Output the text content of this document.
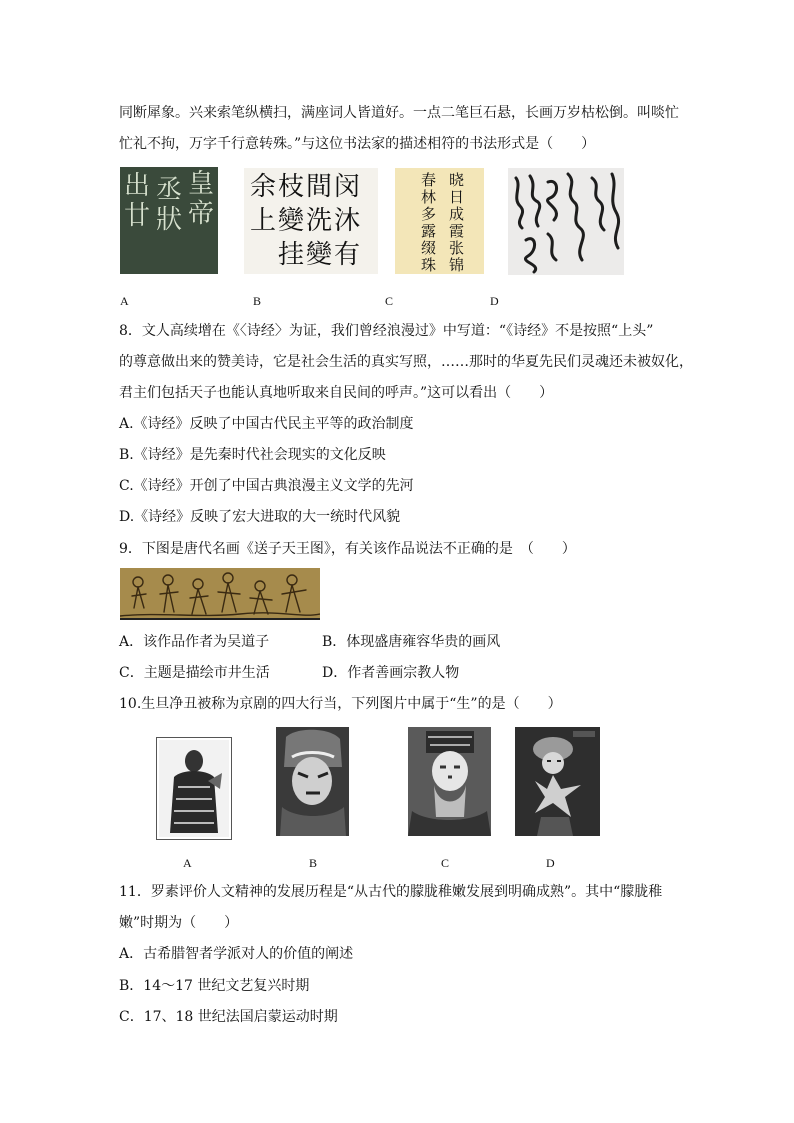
同断犀象。兴来索笔纵横扫，满座词人皆道好。一点二笔巨石悬，长画万岁枯松倒。叫啖忙
忙礼不拘，万字千行意转殊。”与这位书法家的描述相符的书法形式是（　　）
皇帝
丞狀
出廿
余枝間闵
上變洗沐
挂變有
晓日成霞张锦
春林多露缀珠
A	B	C	D
8．文人高续增在《〈诗经〉为证，我们曾经浪漫过》中写道：“《诗经》不是按照“上头”
的尊意做出来的赞美诗，它是社会生活的真实写照，……那时的华夏先民们灵魂还未被奴化，
君主们包括天子也能认真地听取来自民间的呼声。”这可以看出（　　）
A.《诗经》反映了中国古代民主平等的政治制度
B.《诗经》是先秦时代社会现实的文化反映
C.《诗经》开创了中国古典浪漫主义文学的先河
D.《诗经》反映了宏大进取的大一统时代风貌
9．下图是唐代名画《送子天王图》，有关该作品说法不正确的是　（　　）
A．该作品作者为吴道子	B．体现盛唐雍容华贵的画风
C．主题是描绘市井生活	D．作者善画宗教人物
10.生旦净丑被称为京剧的四大行当，下列图片中属于“生”的是（　　）
A	B	C	D
11．罗素评价人文精神的发展历程是“从古代的朦胧稚嫩发展到明确成熟”。其中“朦胧稚
嫩”时期为（　　）
A．古希腊智者学派对人的价值的阐述
B．14～17 世纪文艺复兴时期
C．17、18 世纪法国启蒙运动时期
